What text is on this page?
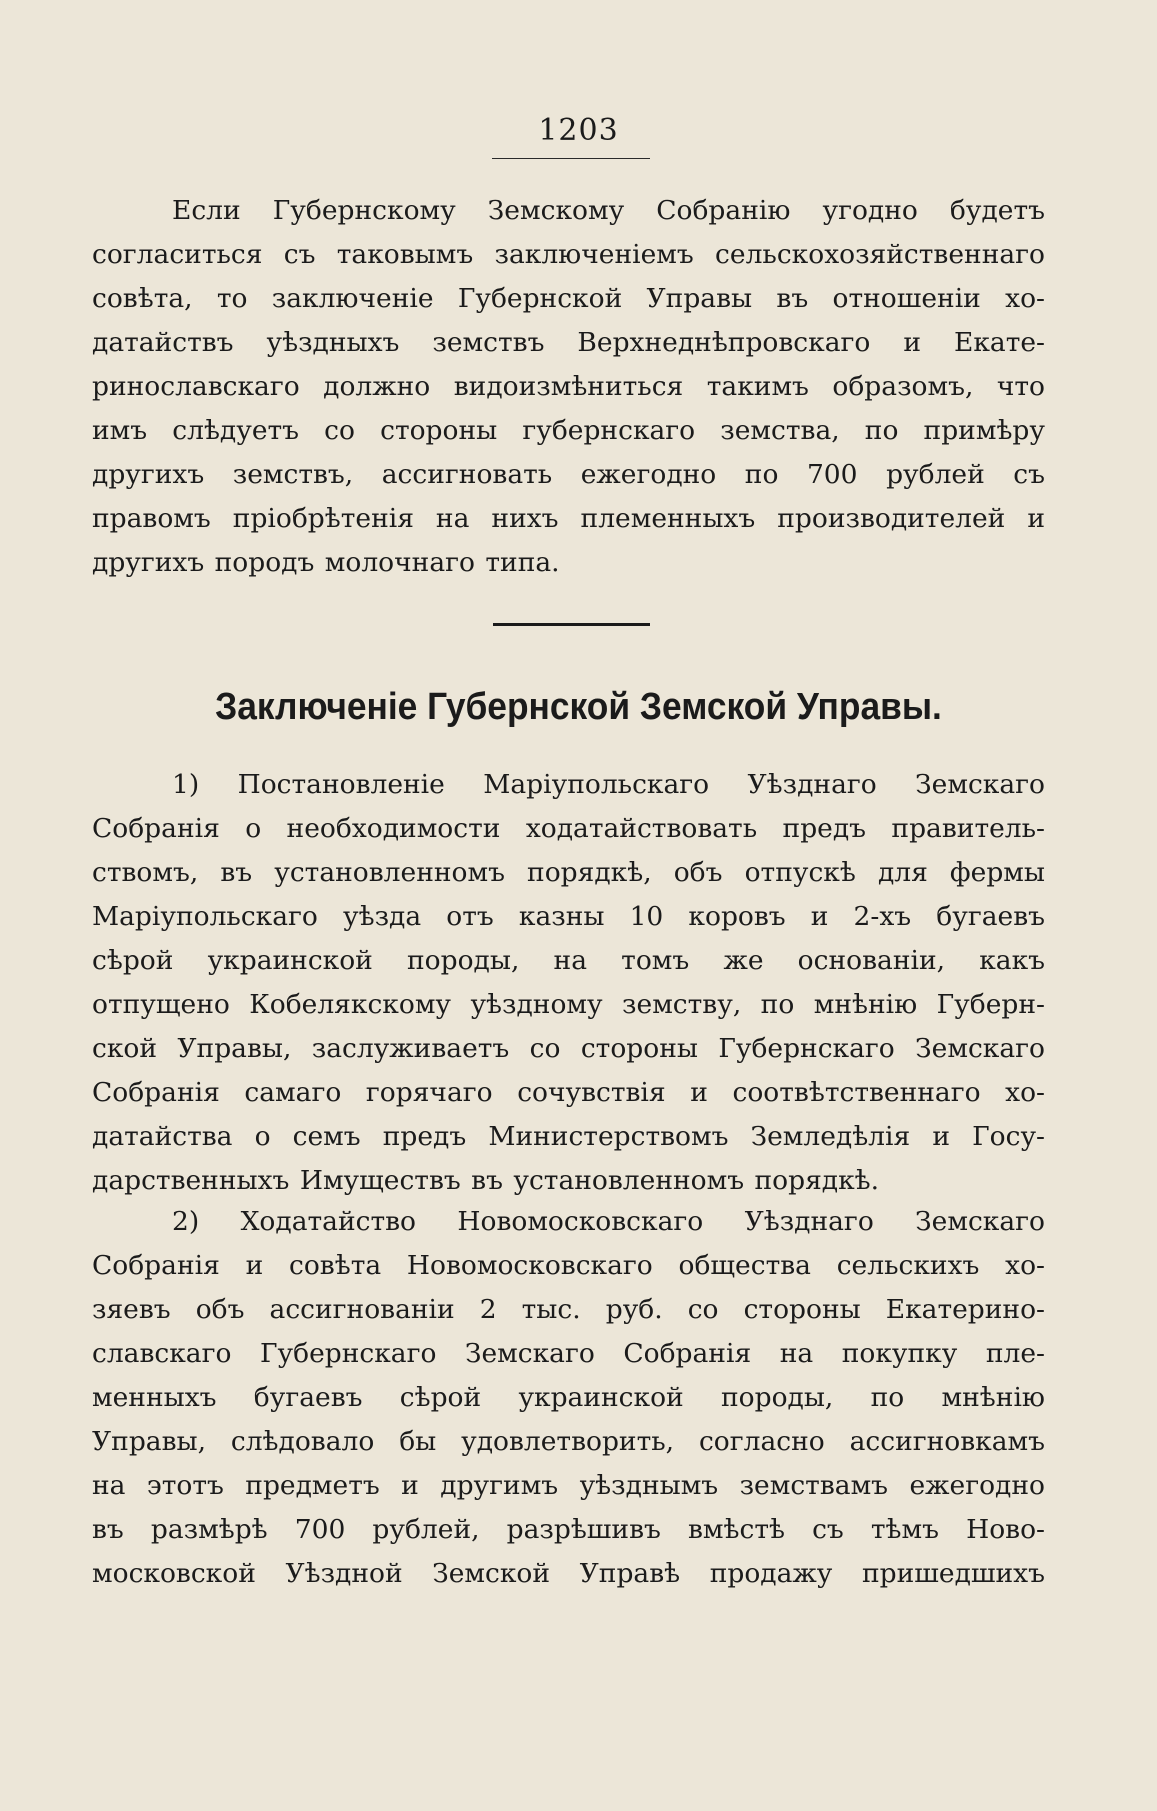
1203
Если Губернскому Земскому Собранію угодно будетъ
согласиться съ таковымъ заключеніемъ сельскохозяйственнаго
совѣта, то заключеніе Губернской Управы въ отношеніи хо-
датайствъ уѣздныхъ земствъ Верхнеднѣпровскаго и Екате-
ринославскаго должно видоизмѣниться такимъ образомъ, что
имъ слѣдуетъ со стороны губернскаго земства, по примѣру
другихъ земствъ, ассигновать ежегодно по 700 рублей съ
правомъ пріобрѣтенія на нихъ племенныхъ производителей и
другихъ породъ молочнаго типа.
Заключеніе Губернской Земской Управы.
1) Постановленіе Маріупольскаго Уѣзднаго Земскаго
Собранія о необходимости ходатайствовать предъ правитель-
ствомъ, въ установленномъ порядкѣ, объ отпускѣ для фермы
Маріупольскаго уѣзда отъ казны 10 коровъ и 2-хъ бугаевъ
сѣрой украинской породы, на томъ же основаніи, какъ
отпущено Кобелякскому уѣздному земству, по мнѣнію Губерн-
ской Управы, заслуживаетъ со стороны Губернскаго Земскаго
Собранія самаго горячаго сочувствія и соотвѣтственнаго хо-
датайства о семъ предъ Министерствомъ Земледѣлія и Госу-
дарственныхъ Имуществъ въ установленномъ порядкѣ.
2) Ходатайство Новомосковскаго Уѣзднаго Земскаго
Собранія и совѣта Новомосковскаго общества сельскихъ хо-
зяевъ объ ассигнованіи 2 тыс. руб. со стороны Екатерино-
славскаго Губернскаго Земскаго Собранія на покупку пле-
менныхъ бугаевъ сѣрой украинской породы, по мнѣнію
Управы, слѣдовало бы удовлетворить, согласно ассигновкамъ
на этотъ предметъ и другимъ уѣзднымъ земствамъ ежегодно
въ размѣрѣ 700 рублей, разрѣшивъ вмѣстѣ съ тѣмъ Ново-
московской Уѣздной Земской Управѣ продажу пришедшихъ
